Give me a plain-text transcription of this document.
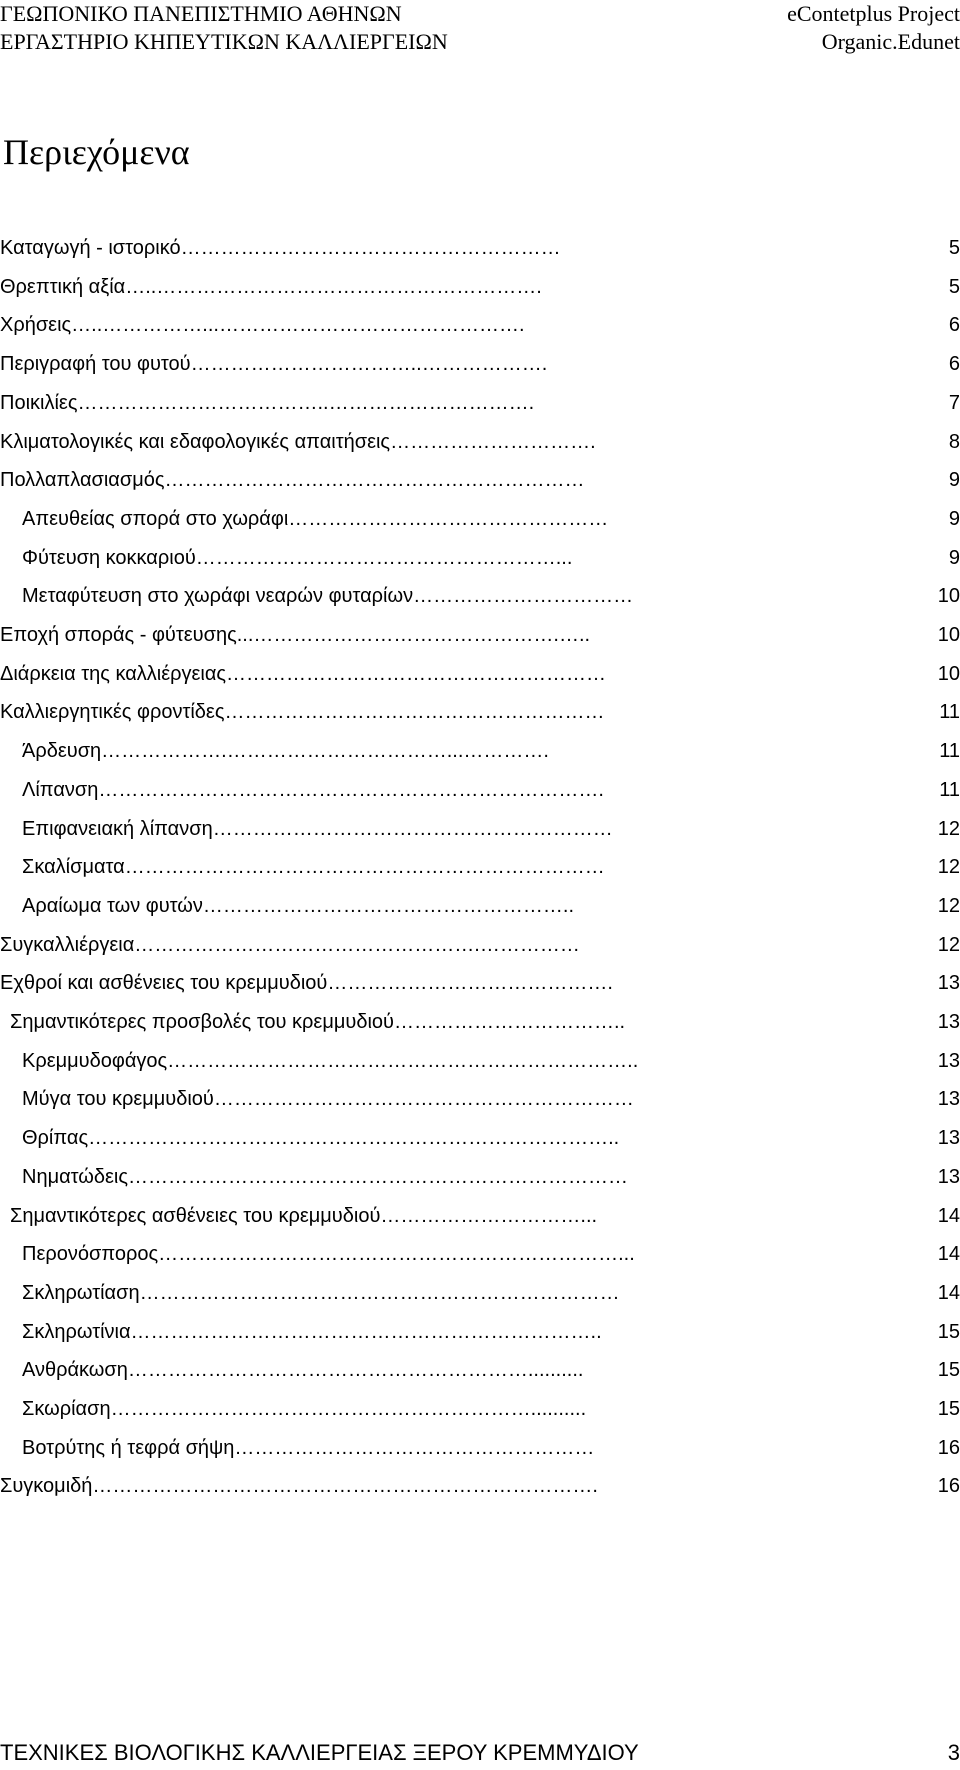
ΓΕΩΠΟΝΙΚΟ ΠΑΝΕΠΙΣΤΗΜΙΟ ΑΘΗΝΩΝ
ΕΡΓΑΣΤΗΡΙΟ ΚΗΠΕΥΤΙΚΩΝ ΚΑΛΛΙΕΡΓΕΙΩΝ
eContetplus Project
Organic.Edunet
Περιεχόμενα
Καταγωγή - ιστορικό…………………………………………………	5
Θρεπτική αξία…..………………………………………………….	5
Χρήσεις…..……………...……………………………………….	6
Περιγραφή του φυτού……………………………..……………….	6
Ποικιλίες………………………………..………………………….	7
Κλιματολογικές και εδαφολογικές απαιτήσεις………………………….	8
Πολλαπλασιασμός………………………………………………………	9
Απευθείας σπορά στο χωράφι…………………………………………	9
Φύτευση κοκκαριού………………………………………………...	9
Μεταφύτευση στο χωράφι νεαρών φυταρίων……………………………	10
Εποχή σποράς - φύτευσης...……………………………………….…..	10
Διάρκεια της καλλιέργειας…………………………………………………	10
Καλλιεργητικές φροντίδες…………………………………………………	11
Άρδευση……………….……………………………...………….	11
Λίπανση………………………………………………………………….	11
Επιφανειακή λίπανση……………………………………………………	12
Σκαλίσματα………………………………………………………………	12
Αραίωμα των φυτών………………………………………………..	12
Συγκαλλιέργεια…………………………………………….……………	12
Εχθροί και ασθένειες του κρεμμυδιού…………………………………….	13
Σημαντικότερες προσβολές του κρεμμυδιού……………………………..	13
Κρεμμυδοφάγος……………………………………………………………..	13
Μύγα του κρεμμυδιού………………………………………………………	13
Θρίπας……………………………………………………………………..	13
Νηματώδεις…………………………………………………………………	13
Σημαντικότερες ασθένειες του κρεμμυδιού…………………………...	14
Περονόσπορος……………………………………………………………...	14
Σκληρωτίαση………………………………………………………………	14
Σκληρωτίνια……………………………………………………………..	15
Ανθράκωση……………………………………………………..........	15
Σκωρίαση………………………………………………………..........	15
Βοτρύτης ή τεφρά σήψη………………………………………………	16
Συγκομιδή………………………………………………………………….	16
ΤΕΧΝΙΚΕΣ ΒΙΟΛΟΓΙΚΗΣ ΚΑΛΛΙΕΡΓΕΙΑΣ ΞΕΡΟΥ ΚΡΕΜΜΥΔΙΟΥ	3
